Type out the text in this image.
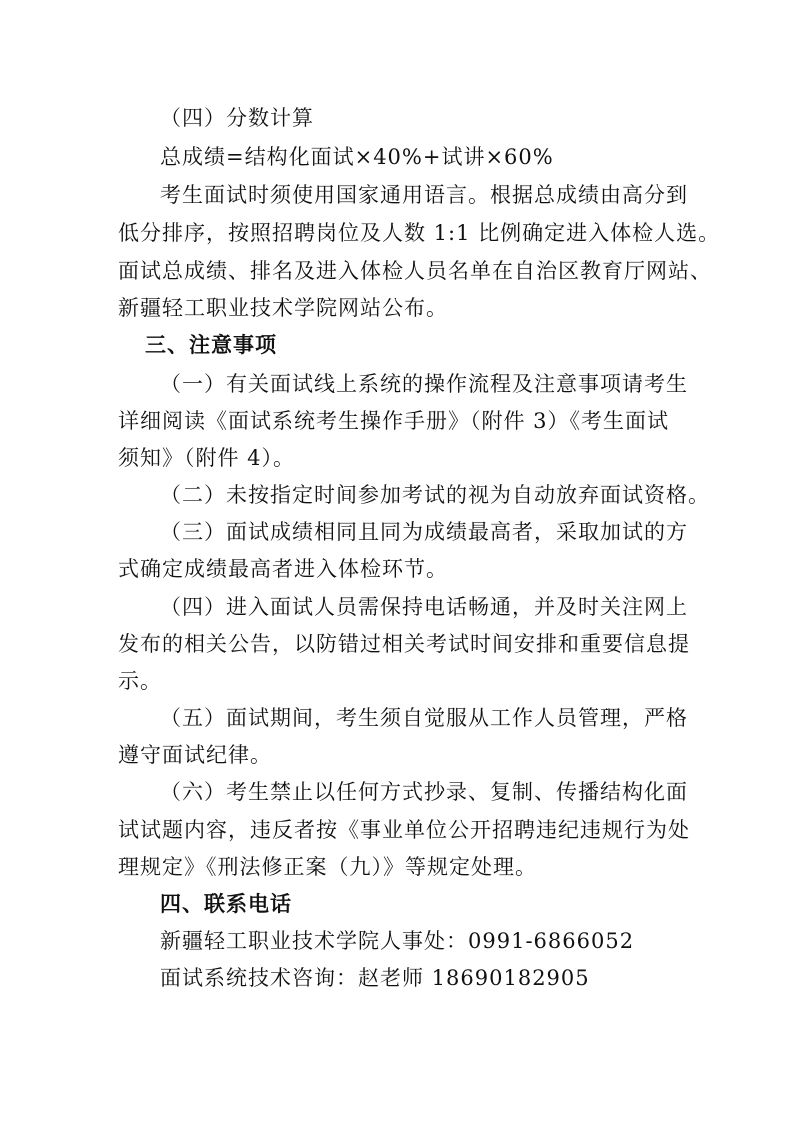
（四）分数计算
总成绩=结构化面试×40%+试讲×60%
考生面试时须使用国家通用语言。根据总成绩由高分到
低分排序，按照招聘岗位及人数 1:1 比例确定进入体检人选。
面试总成绩、排名及进入体检人员名单在自治区教育厅网站、
新疆轻工职业技术学院网站公布。
三、注意事项
（一）有关面试线上系统的操作流程及注意事项请考生
详细阅读《面试系统考生操作手册》（附件 3）《考生面试
须知》（附件 4）。
（二）未按指定时间参加考试的视为自动放弃面试资格。
（三）面试成绩相同且同为成绩最高者，采取加试的方
式确定成绩最高者进入体检环节。
（四）进入面试人员需保持电话畅通，并及时关注网上
发布的相关公告，以防错过相关考试时间安排和重要信息提
示。
（五）面试期间，考生须自觉服从工作人员管理，严格
遵守面试纪律。
（六）考生禁止以任何方式抄录、复制、传播结构化面
试试题内容，违反者按《事业单位公开招聘违纪违规行为处
理规定》《刑法修正案（九）》等规定处理。
四、联系电话
新疆轻工职业技术学院人事处：0991-6866052
面试系统技术咨询：赵老师 18690182905
